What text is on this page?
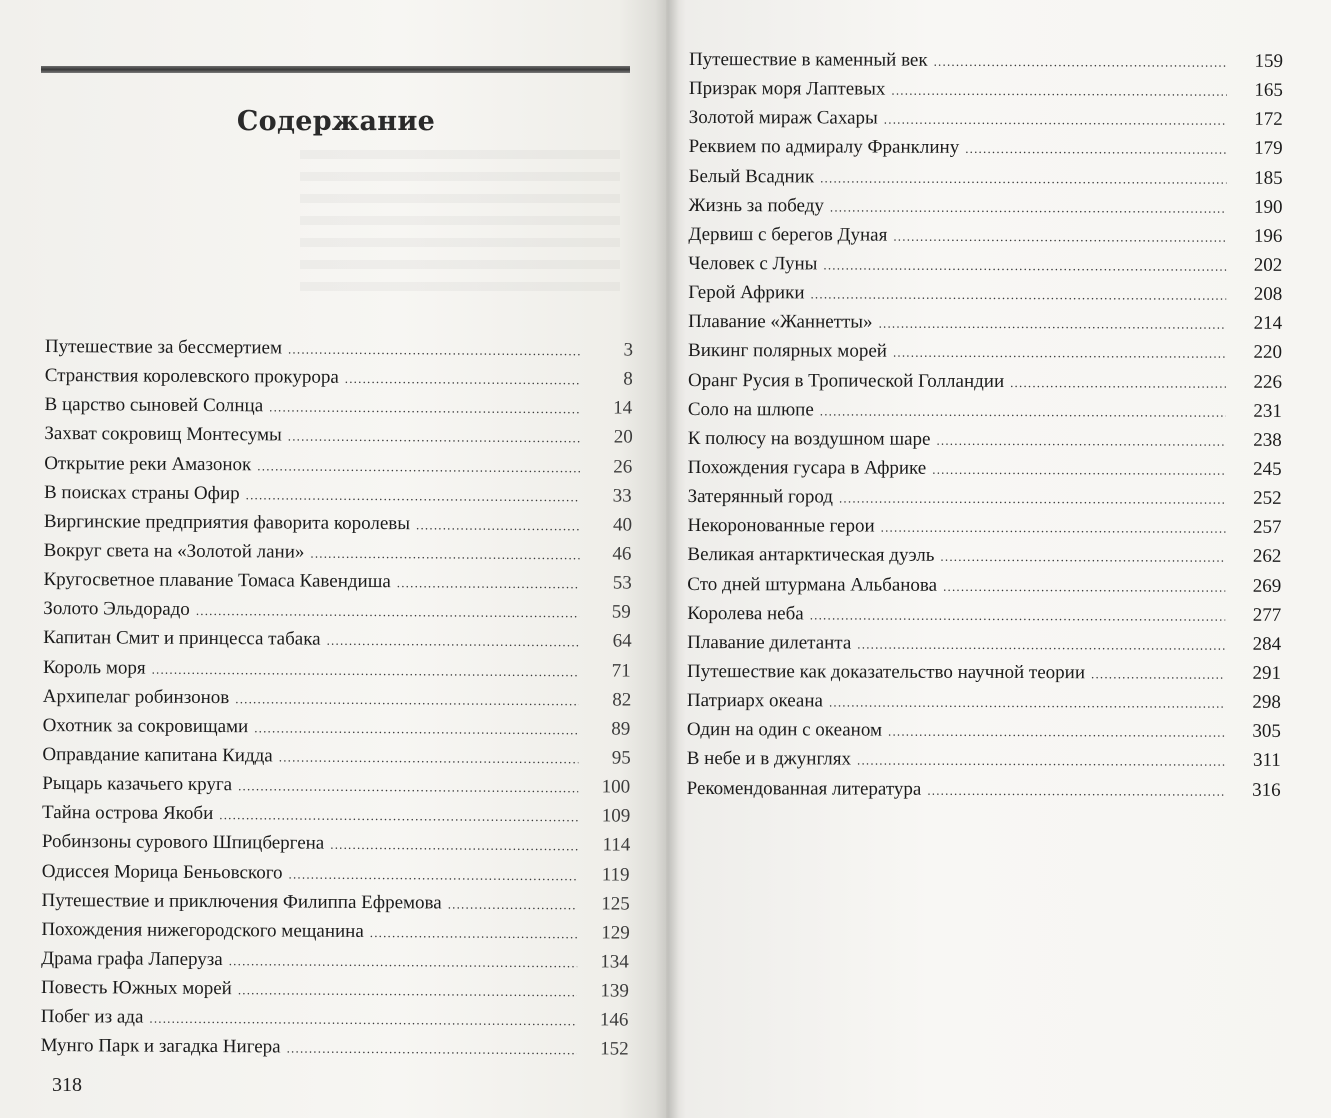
Содержание
Путешествие за бессмертием .....	3
Странствия королевского прокурора .....	8
В царство сыновей Солнца .....	14
Захват сокровищ Монтесумы .....	20
Открытие реки Амазонок .....	26
В поисках страны Офир .....	33
Виргинские предприятия фаворита королевы .....	40
Вокруг света на «Золотой лани» .....	46
Кругосветное плавание Томаса Кавендиша .....	53
Золото Эльдорадо .....	59
Капитан Смит и принцесса табака .....	64
Король моря .....	71
Архипелаг робинзонов .....	82
Охотник за сокровищами .....	89
Оправдание капитана Кидда .....	95
Рыцарь казачьего круга .....	100
Тайна острова Якоби .....	109
Робинзоны сурового Шпицбергена .....	114
Одиссея Морица Беньовского .....	119
Путешествие и приключения Филиппа Ефремова .....	125
Похождения нижегородского мещанина .....	129
Драма графа Лаперуза .....	134
Повесть Южных морей .....	139
Побег из ада .....	146
Мунго Парк и загадка Нигера .....	152
318
Путешествие в каменный век .....	159
Призрак моря Лаптевых .....	165
Золотой мираж Сахары .....	172
Реквием по адмиралу Франклину .....	179
Белый Всадник .....	185
Жизнь за победу .....	190
Дервиш с берегов Дуная .....	196
Человек с Луны .....	202
Герой Африки .....	208
Плавание «Жаннетты» .....	214
Викинг полярных морей .....	220
Оранг Русия в Тропической Голландии .....	226
Соло на шлюпе .....	231
К полюсу на воздушном шаре .....	238
Похождения гусара в Африке .....	245
Затерянный город .....	252
Некоронованные герои .....	257
Великая антарктическая дуэль .....	262
Сто дней штурмана Альбанова .....	269
Королева неба .....	277
Плавание дилетанта .....	284
Путешествие как доказательство научной теории .....	291
Патриарх океана .....	298
Один на один с океаном .....	305
В небе и в джунглях .....	311
Рекомендованная литература .....	316
